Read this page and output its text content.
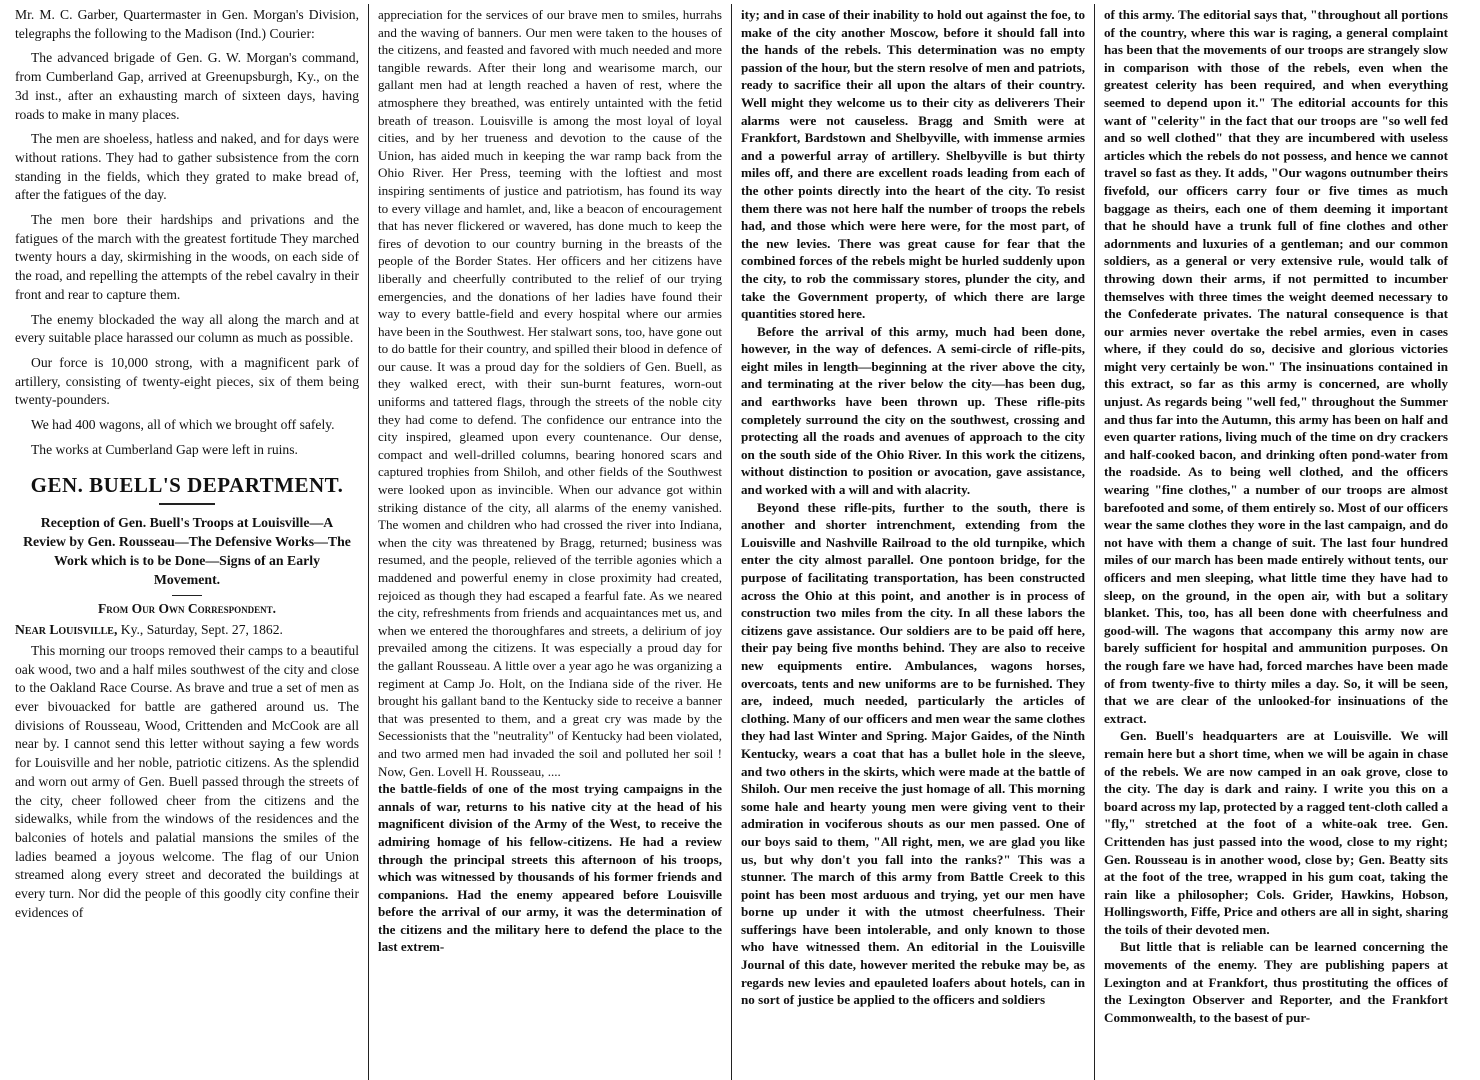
Mr. M. C. Garber, Quartermaster in Gen. Morgan's Division, telegraphs the following to the Madison (Ind.) Courier:

The advanced brigade of Gen. G. W. Morgan's command, from Cumberland Gap, arrived at Greenupsburgh, Ky., on the 3d inst., after an exhausting march of sixteen days, having roads to make in many places.

The men are shoeless, hatless and naked, and for days were without rations. They had to gather subsistence from the corn standing in the fields, which they grated to make bread of, after the fatigues of the day.

The men bore their hardships and privations and the fatigues of the march with the greatest fortitude They marched twenty hours a day, skirmishing in the woods, on each side of the road, and repelling the attempts of the rebel cavalry in their front and rear to capture them.

The enemy blockaded the way all along the march and at every suitable place harassed our column as much as possible.

Our force is 10,000 strong, with a magnificent park of artillery, consisting of twenty-eight pieces, six of them being twenty-pounders.

We had 400 wagons, all of which we brought off safely.

The works at Cumberland Gap were left in ruins.

GEN. BUELL'S DEPARTMENT.
Reception of Gen. Buell's Troops at Louisville—A Review by Gen. Rousseau—The Defensive Works—The Work which is to be Done—Signs of an Early Movement.
From Our Own Correspondent.
Near Louisville, Ky., Saturday, Sept. 27, 1862.

This morning our troops removed their camps to a beautiful oak wood, two and a half miles southwest of the city and close to the Oakland Race Course. As brave and true a set of men as ever bivouacked for battle are gathered around us. The divisions of Rousseau, Wood, Crittenden and McCook are all near by. I cannot send this letter without saying a few words for Louisville and her noble, patriotic citizens. As the splendid and worn out army of Gen. Buell passed through the streets of the city, cheer followed cheer from the citizens and the sidewalks, while from the windows of the residences and the balconies of hotels and palatial mansions the smiles of the ladies beamed a joyous welcome. The flag of our Union streamed along every street and decorated the buildings at every turn. Nor did the people of this goodly city confine their evidences of

appreciation for the services of our brave men to smiles, hurrahs and the waving of banners. Our men were taken to the houses of the citizens, and feasted and favored with much needed and more tangible rewards. After their long and wearisome march, our gallant men had at length reached a haven of rest, where the atmosphere they breathed, was entirely untainted with the fetid breath of treason. Louisville is among the most loyal of loyal cities, and by her trueness and devotion to the cause of the Union, has aided much in keeping the war ramp back from the Ohio River. Her Press, teeming with the loftiest and most inspiring sentiments of justice and patriotism, has found its way to every village and hamlet, and, like a beacon of encouragement that has never flickered or wavered, has done much to keep the fires of devotion to our country burning in the breasts of the people of the Border States. Her officers and her citizens have liberally and cheerfully contributed to the relief of our trying emergencies, and the donations of her ladies have found their way to every battle-field and every hospital where our armies have been in the Southwest. Her stalwart sons, too, have gone out to do battle for their country, and spilled their blood in defence of our cause. It was a proud day for the soldiers of Gen. Buell, as they walked erect, with their sun-burnt features, worn-out uniforms and tattered flags, through the streets of the noble city they had come to defend. The confidence our entrance into the city inspired, gleamed upon every countenance. Our dense, compact and well-drilled columns, bearing honored scars and captured trophies from Shiloh, and other fields of the Southwest were looked upon as invincible. When our advance got within striking distance of the city, all alarms of the enemy vanished. The women and children who had crossed the river into Indiana, when the city was threatened by Bragg, returned; business was resumed, and the people, relieved of the terrible agonies which a maddened and powerful enemy in close proximity had created, rejoiced as though they had escaped a fearful fate. As we neared the city, refreshments from friends and acquaintances met us, and when we entered the thoroughfares and streets, a delirium of joy prevailed among the citizens. It was especially a proud day for the gallant Rousseau. A little over a year ago he was organizing a regiment at Camp Jo. Holt, on the Indiana side of the river. He brought his gallant band to the Kentucky side to receive a banner that was presented to them, and a great cry was made by the Secessionists that the "neutrality" of Kentucky had been violated, and two armed men had invaded the soil and polluted her soil ! Now, Gen. Lovell H. Rousseau, ....

the battle-fields of one of the most trying campaigns in the annals of war, returns to his native city at the head of his magnificent division of the Army of the West, to receive the admiring homage of his fellow-citizens. He had a review through the principal streets this afternoon of his troops, which was witnessed by thousands of his former friends and companions. Had the enemy appeared before Louisville before the arrival of our army, it was the determination of the citizens and the military here to defend the place to the last extrem-

ity; and in case of their inability to hold out against the foe, to make of the city another Moscow, before it should fall into the hands of the rebels. This determination was no empty passion of the hour, but the stern resolve of men and patriots, ready to sacrifice their all upon the altars of their country. Well might they welcome us to their city as deliverers Their alarms were not causeless. Bragg and Smith were at Frankfort, Bardstown and Shelbyville, with immense armies and a powerful array of artillery. Shelbyville is but thirty miles off, and there are excellent roads leading from each of the other points directly into the heart of the city. To resist them there was not here half the number of troops the rebels had, and those which were here were, for the most part, of the new levies. There was great cause for fear that the combined forces of the rebels might be hurled suddenly upon the city, to rob the commissary stores, plunder the city, and take the Government property, of which there are large quantities stored here.

Before the arrival of this army, much had been done, however, in the way of defences. A semi-circle of rifle-pits, eight miles in length—beginning at the river above the city, and terminating at the river below the city—has been dug, and earthworks have been thrown up. These rifle-pits completely surround the city on the southwest, crossing and protecting all the roads and avenues of approach to the city on the south side of the Ohio River. In this work the citizens, without distinction to position or avocation, gave assistance, and worked with a will and with alacrity.

Beyond these rifle-pits, further to the south, there is another and shorter intrenchment, extending from the Louisville and Nashville Railroad to the old turnpike, which enter the city almost parallel. One pontoon bridge, for the purpose of facilitating transportation, has been constructed across the Ohio at this point, and another is in process of construction two miles from the city. In all these labors the citizens gave assistance. Our soldiers are to be paid off here, their pay being five months behind. They are also to receive new equipments entire. Ambulances, wagons horses, overcoats, tents and new uniforms are to be furnished. They are, indeed, much needed, particularly the articles of clothing. Many of our officers and men wear the same clothes they had last Winter and Spring. Major Gaides, of the Ninth Kentucky, wears a coat that has a bullet hole in the sleeve, and two others in the skirts, which were made at the battle of Shiloh. Our men receive the just homage of all. This morning some hale and hearty young men were giving vent to their admiration in vociferous shouts as our men passed. One of our boys said to them, "All right, men, we are glad you like us, but why don't you fall into the ranks?" This was a stunner. The march of this army from Battle Creek to this point has been most arduous and trying, yet our men have borne up under it with the utmost cheerfulness. Their sufferings have been intolerable, and only known to those who have witnessed them. An editorial in the Louisville Journal of this date, however merited the rebuke may be, as regards new levies and epauleted loafers about hotels, can in no sort of justice be applied to the officers and soldiers

of this army. The editorial says that, "throughout all portions of the country, where this war is raging, a general complaint has been that the movements of our troops are strangely slow in comparison with those of the rebels, even when the greatest celerity has been required, and when everything seemed to depend upon it." The editorial accounts for this want of "celerity" in the fact that our troops are "so well fed and so well clothed" that they are incumbered with useless articles which the rebels do not possess, and hence we cannot travel so fast as they. It adds, "Our wagons outnumber theirs fivefold, our officers carry four or five times as much baggage as theirs, each one of them deeming it important that he should have a trunk full of fine clothes and other adornments and luxuries of a gentleman; and our common soldiers, as a general or very extensive rule, would talk of throwing down their arms, if not permitted to incumber themselves with three times the weight deemed necessary to the Confederate privates. The natural consequence is that our armies never overtake the rebel armies, even in cases where, if they could do so, decisive and glorious victories might very certainly be won." The insinuations contained in this extract, so far as this army is concerned, are wholly unjust. As regards being "well fed," throughout the Summer and thus far into the Autumn, this army has been on half and even quarter rations, living much of the time on dry crackers and half-cooked bacon, and drinking often pond-water from the roadside. As to being well clothed, and the officers wearing "fine clothes," a number of our troops are almost barefooted and some, of them entirely so. Most of our officers wear the same clothes they wore in the last campaign, and do not have with them a change of suit. The last four hundred miles of our march has been made entirely without tents, our officers and men sleeping, what little time they have had to sleep, on the ground, in the open air, with but a solitary blanket. This, too, has all been done with cheerfulness and good-will. The wagons that accompany this army now are barely sufficient for hospital and ammunition purposes. On the rough fare we have had, forced marches have been made of from twenty-five to thirty miles a day. So, it will be seen, that we are clear of the unlooked-for insinuations of the extract.

Gen. Buell's headquarters are at Louisville. We will remain here but a short time, when we will be again in chase of the rebels. We are now camped in an oak grove, close to the city. The day is dark and rainy. I write you this on a board across my lap, protected by a ragged tent-cloth called a "fly," stretched at the foot of a white-oak tree. Gen. Crittenden has just passed into the wood, close to my right; Gen. Rousseau is in another wood, close by; Gen. Beatty sits at the foot of the tree, wrapped in his gum coat, taking the rain like a philosopher; Cols. Grider, Hawkins, Hobson, Hollingsworth, Fiffe, Price and others are all in sight, sharing the toils of their devoted men.

But little that is reliable can be learned concerning the movements of the enemy. They are publishing papers at Lexington and at Frankfort, thus prostituting the offices of the Lexington Observer and Reporter, and the Frankfort Commonwealth, to the basest of pur-
